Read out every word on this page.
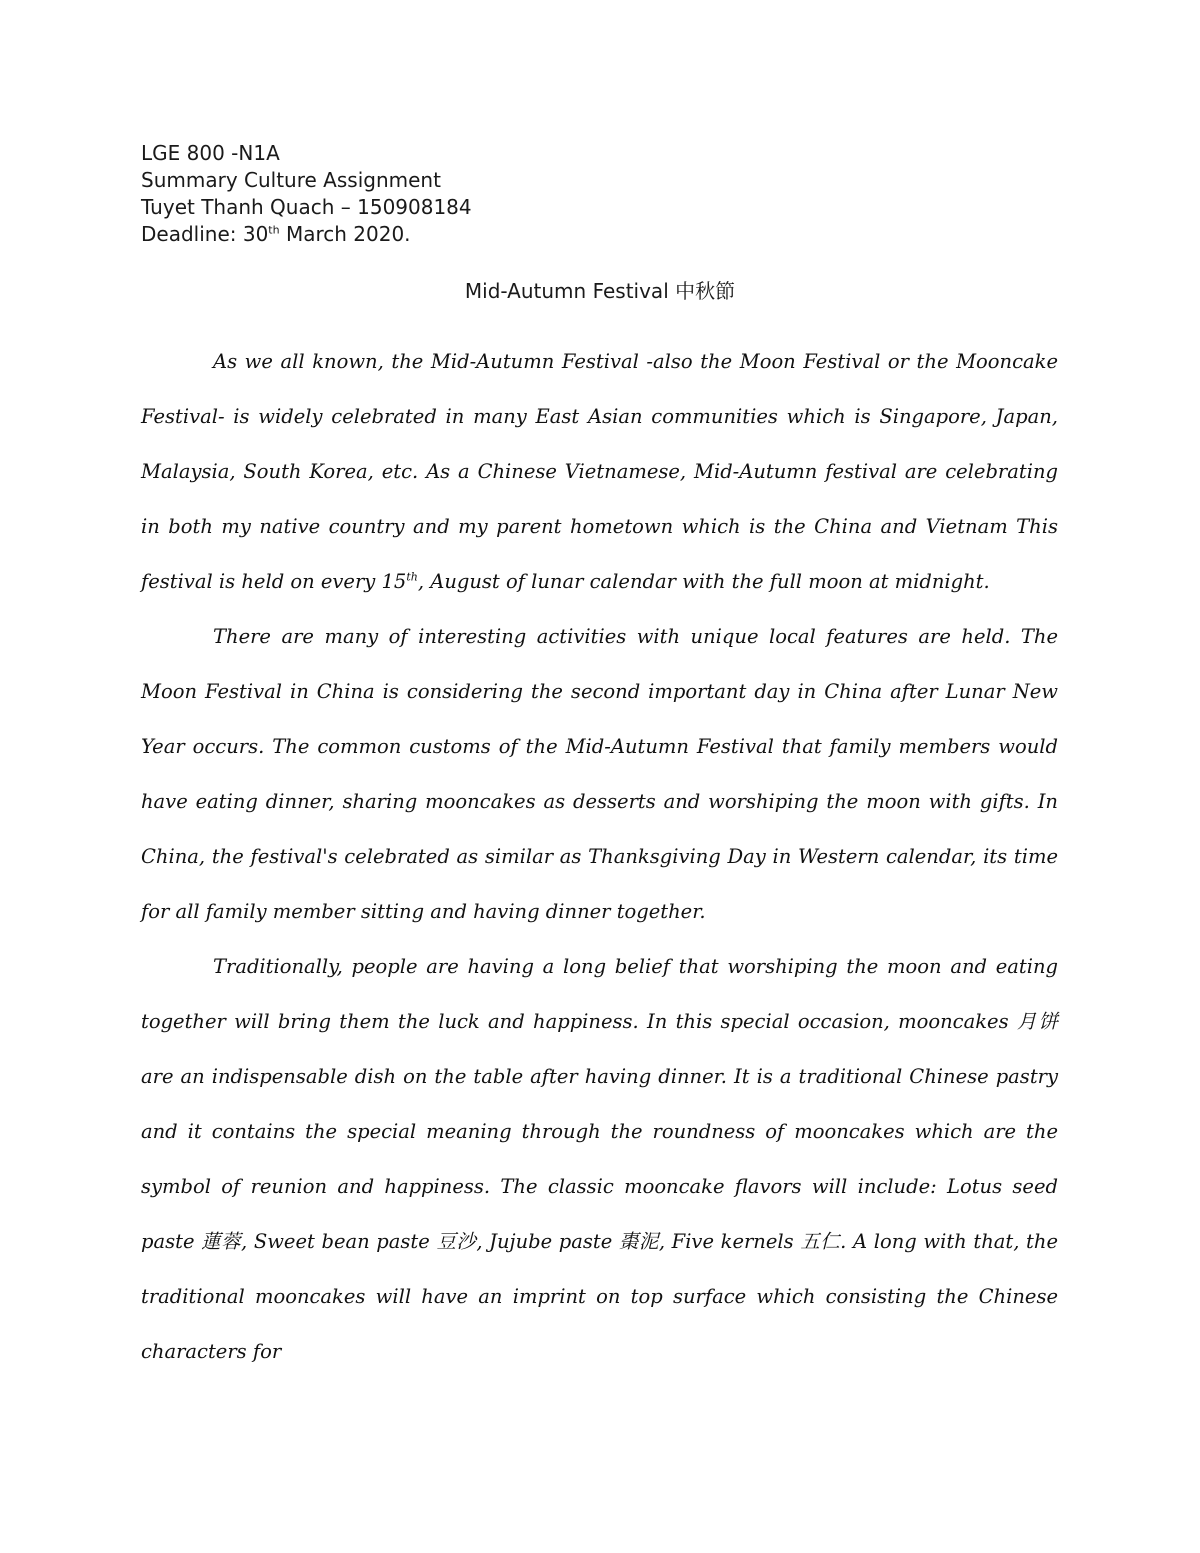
LGE 800 -N1A
Summary Culture Assignment
Tuyet Thanh Quach – 150908184
Deadline: 30th March 2020.
Mid-Autumn Festival 中秋節

As we all known, the Mid-Autumn Festival -also the Moon Festival or the Mooncake Festival- is widely celebrated in many East Asian communities which is Singapore, Japan, Malaysia, South Korea, etc. As a Chinese Vietnamese, Mid-Autumn festival are celebrating in both my native country and my parent hometown which is the China and Vietnam This festival is held on every 15th, August of lunar calendar with the full moon at midnight.

There are many of interesting activities with unique local features are held. The Moon Festival in China is considering the second important day in China after Lunar New Year occurs. The common customs of the Mid-Autumn Festival that family members would have eating dinner, sharing mooncakes as desserts and worshiping the moon with gifts. In China, the festival's celebrated as similar as Thanksgiving Day in Western calendar, its time for all family member sitting and having dinner together.

Traditionally, people are having a long belief that worshiping the moon and eating together will bring them the luck and happiness. In this special occasion, mooncakes 月饼 are an indispensable dish on the table after having dinner. It is a traditional Chinese pastry and it contains the special meaning through the roundness of mooncakes which are the symbol of reunion and happiness. The classic mooncake flavors will include: Lotus seed paste 蓮蓉, Sweet bean paste 豆沙, Jujube paste 棗泥, Five kernels 五仁. A long with that, the traditional mooncakes will have an imprint on top surface which consisting the Chinese characters for
